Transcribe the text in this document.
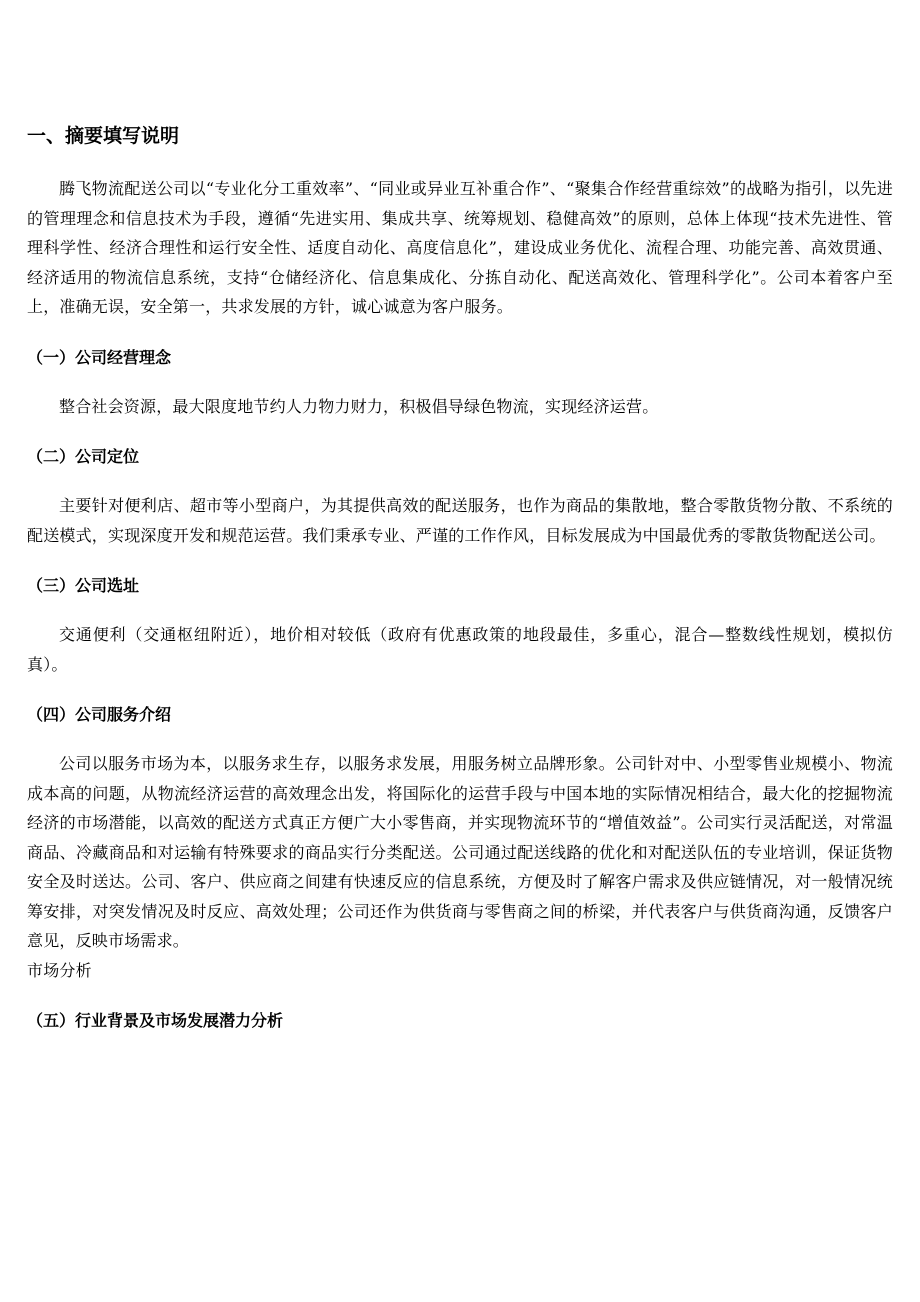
一、摘要填写说明

腾飞物流配送公司以“专业化分工重效率”、“同业或异业互补重合作”、“聚集合作经营重综效”的战略为指引，以先进的管理理念和信息技术为手段，遵循“先进实用、集成共享、统筹规划、稳健高效”的原则，总体上体现“技术先进性、管理科学性、经济合理性和运行安全性、适度自动化、高度信息化”，建设成业务优化、流程合理、功能完善、高效贯通、经济适用的物流信息系统，支持“仓储经济化、信息集成化、分拣自动化、配送高效化、管理科学化”。公司本着客户至上，准确无误，安全第一，共求发展的方针，诚心诚意为客户服务。

（一）公司经营理念

整合社会资源，最大限度地节约人力物力财力，积极倡导绿色物流，实现经济运营。

（二）公司定位

主要针对便利店、超市等小型商户，为其提供高效的配送服务，也作为商品的集散地，整合零散货物分散、不系统的配送模式，实现深度开发和规范运营。我们秉承专业、严谨的工作作风，目标发展成为中国最优秀的零散货物配送公司。

（三）公司选址

交通便利（交通枢纽附近），地价相对较低（政府有优惠政策的地段最佳，多重心，混合—整数线性规划，模拟仿真）。

（四）公司服务介绍

公司以服务市场为本，以服务求生存，以服务求发展，用服务树立品牌形象。公司针对中、小型零售业规模小、物流成本高的问题，从物流经济运营的高效理念出发，将国际化的运营手段与中国本地的实际情况相结合，最大化的挖掘物流经济的市场潜能，以高效的配送方式真正方便广大小零售商，并实现物流环节的“增值效益”。公司实行灵活配送，对常温商品、冷藏商品和对运输有特殊要求的商品实行分类配送。公司通过配送线路的优化和对配送队伍的专业培训，保证货物安全及时送达。公司、客户、供应商之间建有快速反应的信息系统，方便及时了解客户需求及供应链情况，对一般情况统筹安排，对突发情况及时反应、高效处理；公司还作为供货商与零售商之间的桥梁，并代表客户与供货商沟通，反馈客户意见，反映市场需求。

市场分析

（五）行业背景及市场发展潜力分析
